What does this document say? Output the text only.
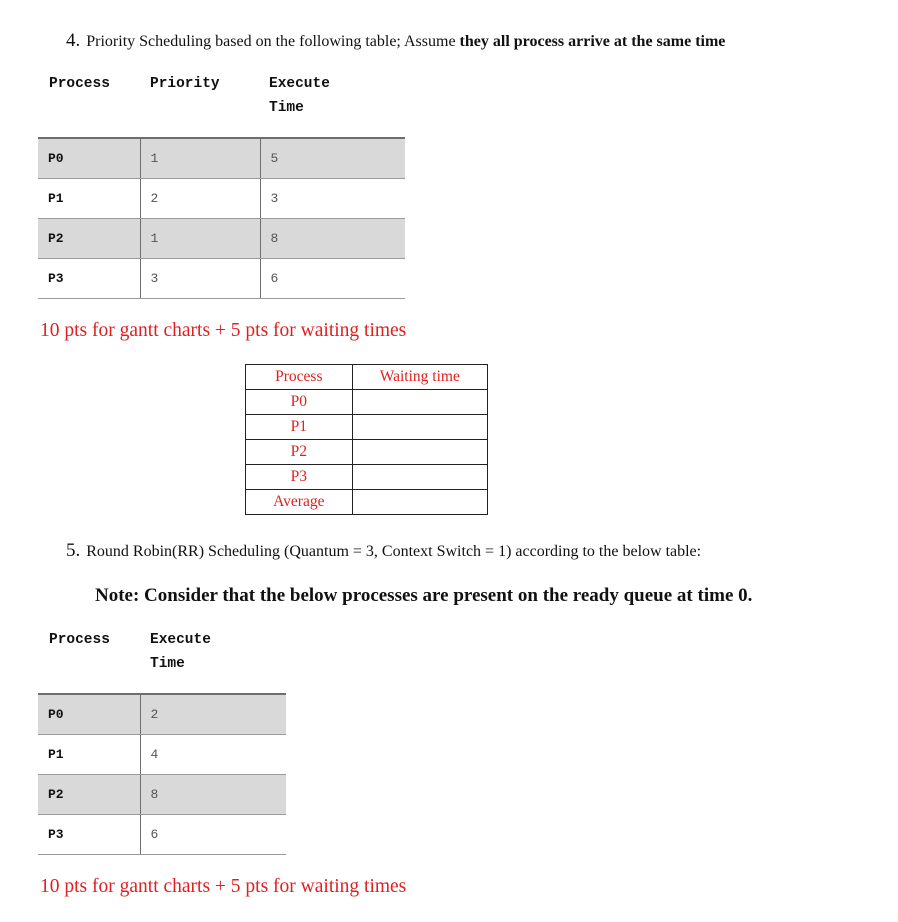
4. Priority Scheduling based on the following table; Assume they all process arrive at the same time
Process	Priority	Execute
Time
P0	1	5
P1	2	3
P2	1	8
P3	3	6
10 pts for gantt charts + 5 pts for waiting times
Process	Waiting time
P0	
P1	
P2	
P3	
Average	
5. Round Robin(RR) Scheduling (Quantum = 3, Context Switch = 1) according to the below table:
Note: Consider that the below processes are present on the ready queue at time 0.
Process	Execute
Time
P0	2
P1	4
P2	8
P3	6
10 pts for gantt charts + 5 pts for waiting times
